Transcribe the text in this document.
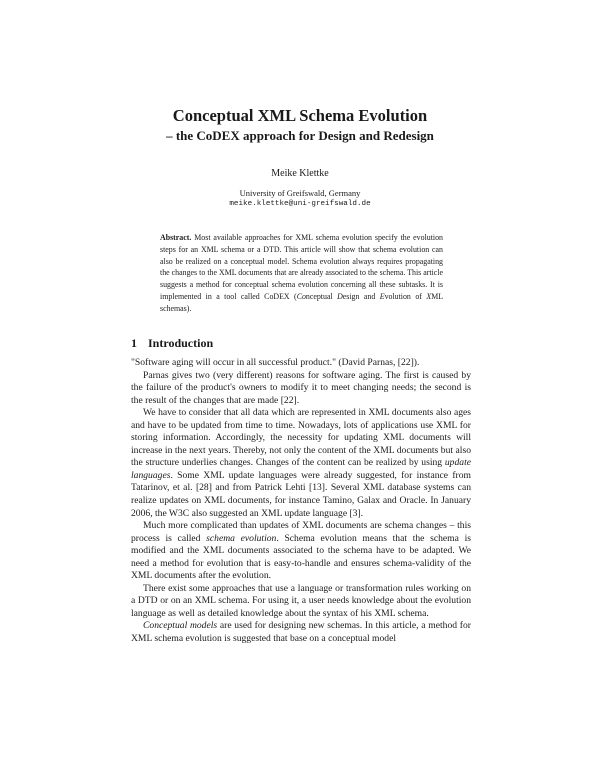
Conceptual XML Schema Evolution
– the CoDEX approach for Design and Redesign
Meike Klettke
University of Greifswald, Germany
meike.klettke@uni-greifswald.de
Abstract. Most available approaches for XML schema evolution specify the evolution steps for an XML schema or a DTD. This article will show that schema evolution can also be realized on a conceptual model. Schema evolution always requires propagating the changes to the XML documents that are already associated to the schema. This article suggests a method for conceptual schema evolution concerning all these subtasks. It is implemented in a tool called CoDEX (Conceptual Design and Evolution of XML schemas).
1 Introduction

"Software aging will occur in all successful product." (David Parnas, [22]).

Parnas gives two (very different) reasons for software aging. The first is caused by the failure of the product's owners to modify it to meet changing needs; the second is the result of the changes that are made [22].

We have to consider that all data which are represented in XML documents also ages and have to be updated from time to time. Nowadays, lots of applications use XML for storing information. Accordingly, the necessity for updating XML documents will increase in the next years. Thereby, not only the content of the XML documents but also the structure underlies changes. Changes of the content can be realized by using update languages. Some XML update languages were already suggested, for instance from Tatarinov, et al. [28] and from Patrick Lehti [13]. Several XML database systems can realize updates on XML documents, for instance Tamino, Galax and Oracle. In January 2006, the W3C also suggested an XML update language [3].

Much more complicated than updates of XML documents are schema changes – this process is called schema evolution. Schema evolution means that the schema is modified and the XML documents associated to the schema have to be adapted. We need a method for evolution that is easy-to-handle and ensures schema-validity of the XML documents after the evolution.

There exist some approaches that use a language or transformation rules working on a DTD or on an XML schema. For using it, a user needs knowledge about the evolution language as well as detailed knowledge about the syntax of his XML schema.

Conceptual models are used for designing new schemas. In this article, a method for XML schema evolution is suggested that base on a conceptual model
